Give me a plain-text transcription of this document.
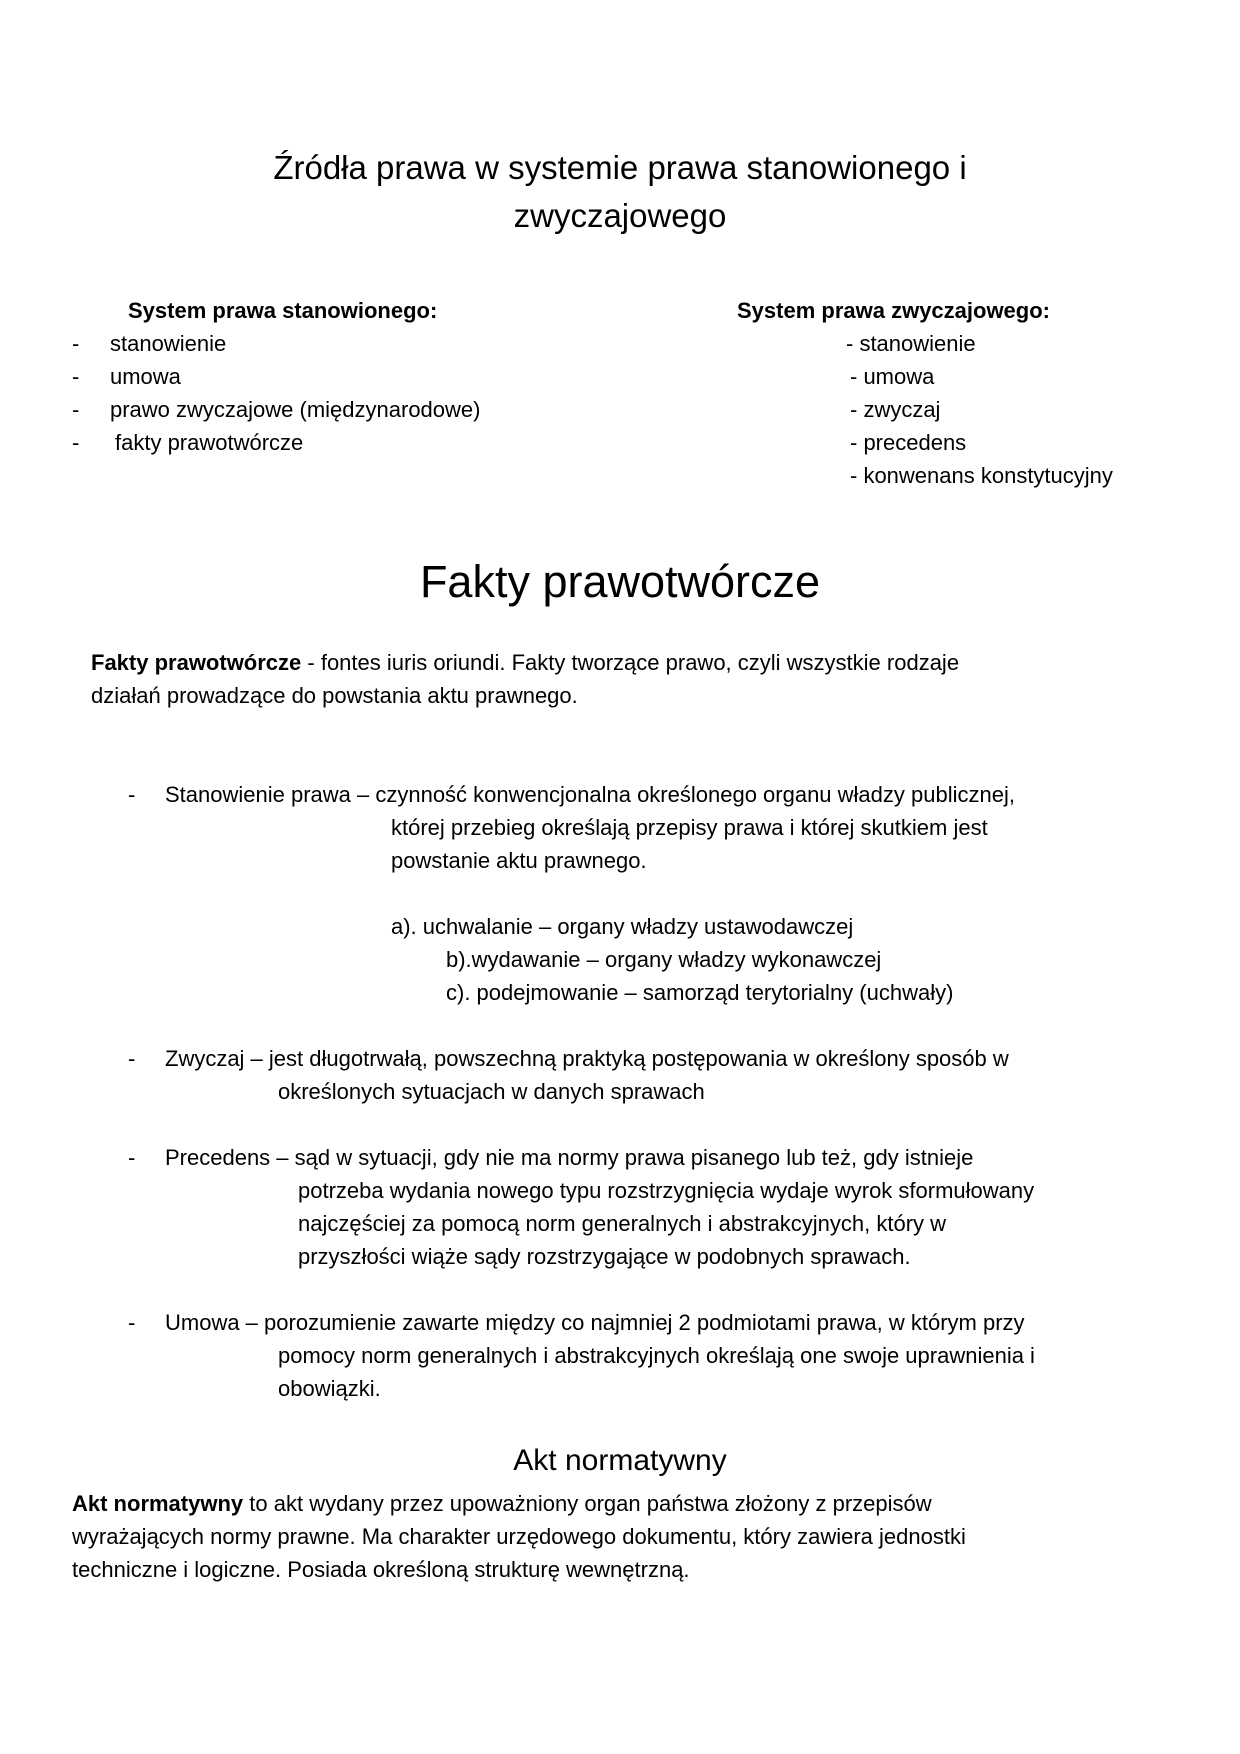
Źródła prawa w systemie prawa stanowionego i
zwyczajowego
System prawa stanowionego:
- stanowienie
- umowa
- prawo zwyczajowe (międzynarodowe)
- fakty prawotwórcze
System prawa zwyczajowego:
- stanowienie
- umowa
- zwyczaj
- precedens
- konwenans konstytucyjny
Fakty prawotwórcze
Fakty prawotwórcze - fontes iuris oriundi. Fakty tworzące prawo, czyli wszystkie rodzaje
działań prowadzące do powstania aktu prawnego.
- Stanowienie prawa – czynność konwencjonalna określonego organu władzy publicznej,
której przebieg określają przepisy prawa i której skutkiem jest
powstanie aktu prawnego.
a). uchwalanie – organy władzy ustawodawczej
b).wydawanie – organy władzy wykonawczej
c). podejmowanie – samorząd terytorialny (uchwały)
- Zwyczaj – jest długotrwałą, powszechną praktyką postępowania w określony sposób w
określonych sytuacjach w danych sprawach
- Precedens – sąd w sytuacji, gdy nie ma normy prawa pisanego lub też, gdy istnieje
potrzeba wydania nowego typu rozstrzygnięcia wydaje wyrok sformułowany
najczęściej za pomocą norm generalnych i abstrakcyjnych, który w
przyszłości wiąże sądy rozstrzygające w podobnych sprawach.
- Umowa – porozumienie zawarte między co najmniej 2 podmiotami prawa, w którym przy
pomocy norm generalnych i abstrakcyjnych określają one swoje uprawnienia i
obowiązki.
Akt normatywny
Akt normatywny to akt wydany przez upoważniony organ państwa złożony z przepisów
wyrażających normy prawne. Ma charakter urzędowego dokumentu, który zawiera jednostki
techniczne i logiczne. Posiada określoną strukturę wewnętrzną.
